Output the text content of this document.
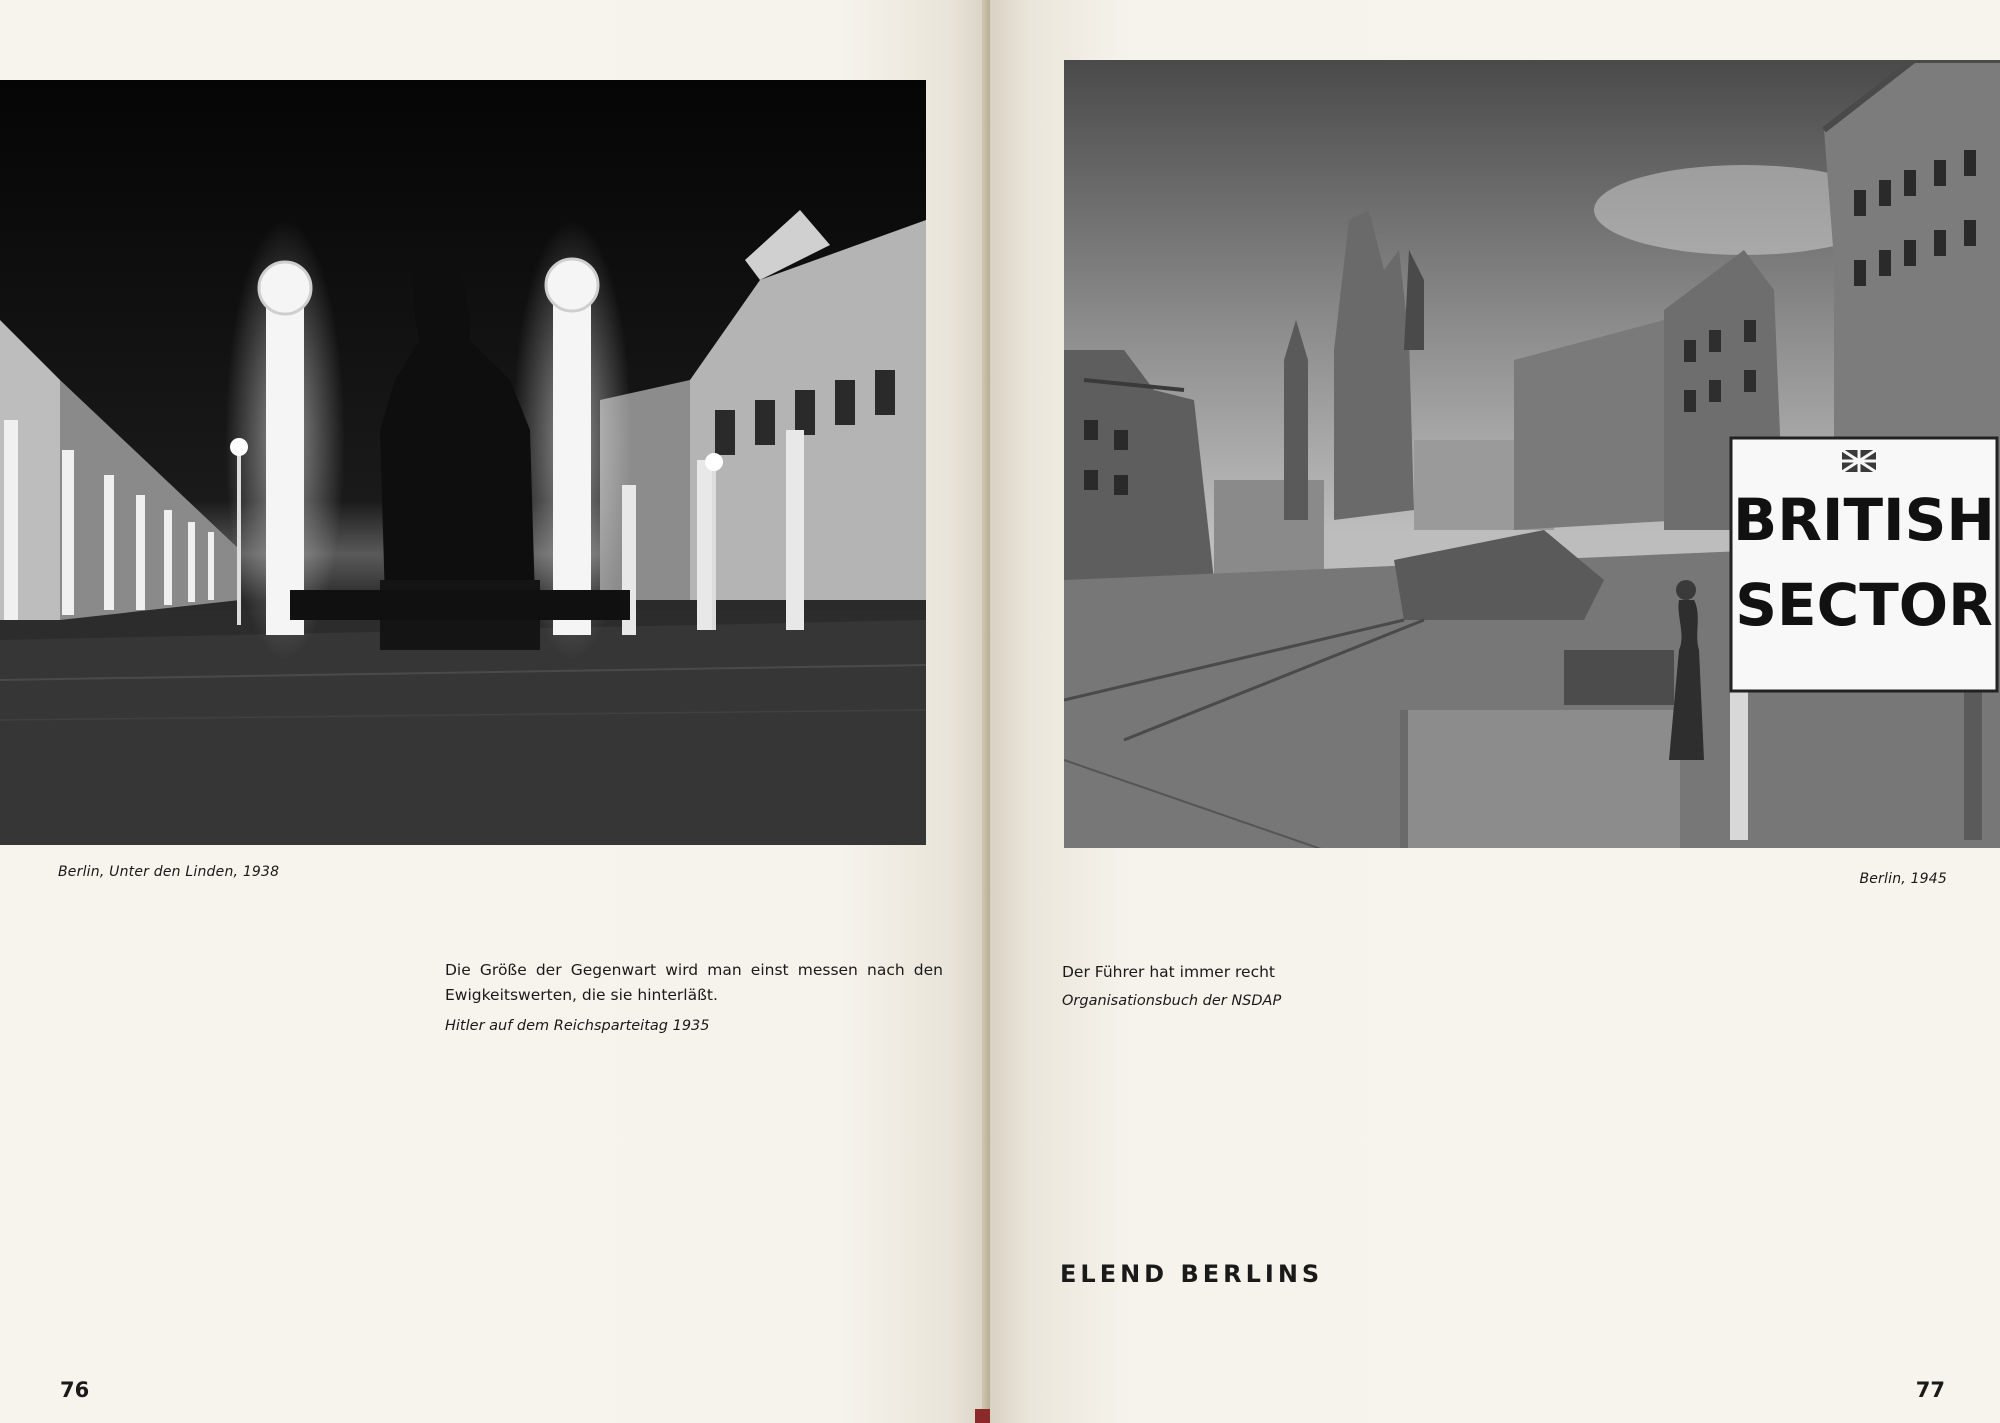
Berlin, Unter den Linden, 1938
Die Größe der Gegenwart wird man einst messen nach den Ewigkeitswerten, die sie hinterläßt.
Hitler auf dem Reichsparteitag 1935
76
BRITISH
SECTOR
Berlin, 1945
Der Führer hat immer recht
Organisationsbuch der NSDAP
ELEND BERLINS
77
